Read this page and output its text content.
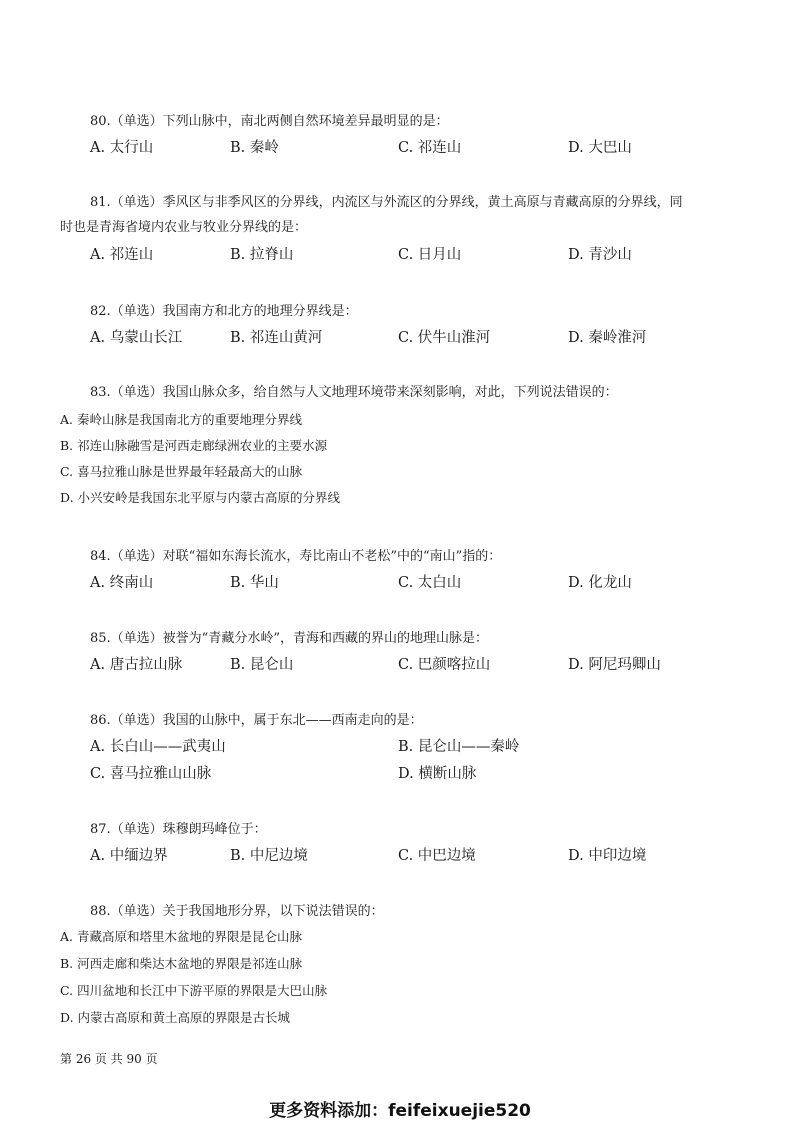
80.（单选）下列山脉中，南北两侧自然环境差异最明显的是：
A. 太行山	B. 秦岭	C. 祁连山	D. 大巴山
81.（单选）季风区与非季风区的分界线，内流区与外流区的分界线，黄土高原与青藏高原的分界线，同
时也是青海省境内农业与牧业分界线的是：
A. 祁连山	B. 拉脊山	C. 日月山	D. 青沙山
82.（单选）我国南方和北方的地理分界线是：
A. 乌蒙山长江	B. 祁连山黄河	C. 伏牛山淮河	D. 秦岭淮河
83.（单选）我国山脉众多，给自然与人文地理环境带来深刻影响，对此，下列说法错误的：
A. 秦岭山脉是我国南北方的重要地理分界线
B. 祁连山脉融雪是河西走廊绿洲农业的主要水源
C. 喜马拉雅山脉是世界最年轻最高大的山脉
D. 小兴安岭是我国东北平原与内蒙古高原的分界线
84.（单选）对联“福如东海长流水，寿比南山不老松”中的“南山”指的：
A. 终南山	B. 华山	C. 太白山	D. 化龙山
85.（单选）被誉为“青藏分水岭”，青海和西藏的界山的地理山脉是：
A. 唐古拉山脉	B. 昆仑山	C. 巴颜喀拉山	D. 阿尼玛卿山
86.（单选）我国的山脉中，属于东北——西南走向的是：
A. 长白山——武夷山	B. 昆仑山——秦岭
C. 喜马拉雅山山脉	D. 横断山脉
87.（单选）珠穆朗玛峰位于：
A. 中缅边界	B. 中尼边境	C. 中巴边境	D. 中印边境
88.（单选）关于我国地形分界，以下说法错误的：
A. 青藏高原和塔里木盆地的界限是昆仑山脉
B. 河西走廊和柴达木盆地的界限是祁连山脉
C. 四川盆地和长江中下游平原的界限是大巴山脉
D. 内蒙古高原和黄土高原的界限是古长城
第 26 页 共 90 页
更多资料添加：feifeixuejie520
